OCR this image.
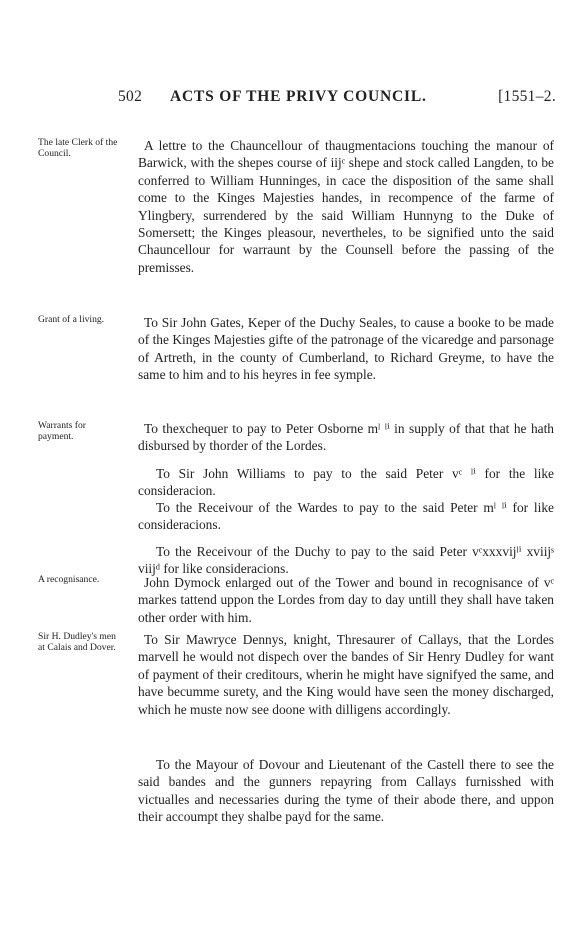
502 ACTS OF THE PRIVY COUNCIL.	[1551–2.
The late Clerk of the Council.
Grant of a living.
Warrants for payment.
A recognisance.
Sir H. Dudley's men at Calais and Dover.
A lettre to the Chauncellour of thaugmentacions touching the manour of Barwick, with the shepes course of iijᶜ shepe and stock called Langden, to be conferred to William Hunninges, in cace the disposition of the same shall come to the Kinges Majesties handes, in recompence of the farme of Ylingbery, surrendered by the said William Hunnyng to the Duke of Somersett; the Kinges pleasour, nevertheles, to be signified unto the said Chauncellour for warraunt by the Counsell before the passing of the premisses.
To Sir John Gates, Keper of the Duchy Seales, to cause a booke to be made of the Kinges Majesties gifte of the patronage of the vicaredge and parsonage of Artreth, in the county of Cumberland, to Richard Greyme, to have the same to him and to his heyres in fee symple.
To thexchequer to pay to Peter Osborne mˡ ˡⁱ in supply of that that he hath disbursed by thorder of the Lordes.
To Sir John Williams to pay to the said Peter vᶜ ˡⁱ for the like consideracion.
To the Receivour of the Wardes to pay to the said Peter mˡ ˡⁱ for like consideracions.
To the Receivour of the Duchy to pay to the said Peter vᶜxxxvijˡⁱ xviijˢ viijᵈ for like consideracions.
John Dymock enlarged out of the Tower and bound in recognisance of vᶜ markes tattend uppon the Lordes from day to day untill they shall have taken other order with him.
To Sir Mawryce Dennys, knight, Thresaurer of Callays, that the Lordes marvell he would not dispech over the bandes of Sir Henry Dudley for want of payment of their creditours, wherin he might have signifyed the same, and have becumme surety, and the King would have seen the money discharged, which he muste now see doone with dilligens accordingly.
To the Mayour of Dovour and Lieutenant of the Castell there to see the said bandes and the gunners repayring from Callays furnisshed with victualles and necessaries during the tyme of their abode there, and uppon their accoumpt they shalbe payd for the same.
